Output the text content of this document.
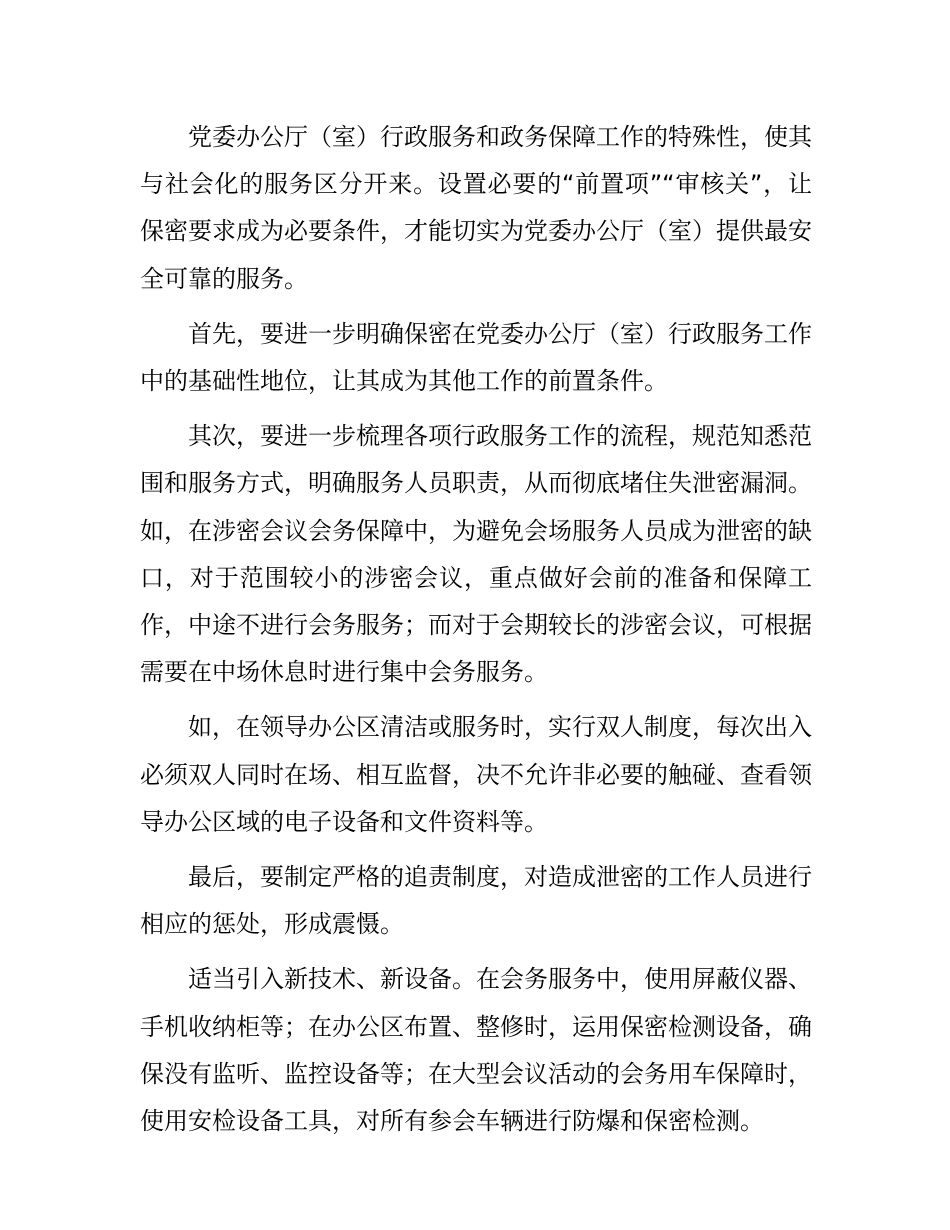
党委办公厅（室）行政服务和政务保障工作的特殊性，使其与社会化的服务区分开来。设置必要的“前置项”“审核关”，让保密要求成为必要条件，才能切实为党委办公厅（室）提供最安全可靠的服务。

首先，要进一步明确保密在党委办公厅（室）行政服务工作中的基础性地位，让其成为其他工作的前置条件。

其次，要进一步梳理各项行政服务工作的流程，规范知悉范围和服务方式，明确服务人员职责，从而彻底堵住失泄密漏洞。如，在涉密会议会务保障中，为避免会场服务人员成为泄密的缺口，对于范围较小的涉密会议，重点做好会前的准备和保障工作，中途不进行会务服务；而对于会期较长的涉密会议，可根据需要在中场休息时进行集中会务服务。

如，在领导办公区清洁或服务时，实行双人制度，每次出入必须双人同时在场、相互监督，决不允许非必要的触碰、查看领导办公区域的电子设备和文件资料等。

最后，要制定严格的追责制度，对造成泄密的工作人员进行相应的惩处，形成震慑。

适当引入新技术、新设备。在会务服务中，使用屏蔽仪器、手机收纳柜等；在办公区布置、整修时，运用保密检测设备，确保没有监听、监控设备等；在大型会议活动的会务用车保障时，使用安检设备工具，对所有参会车辆进行防爆和保密检测。
